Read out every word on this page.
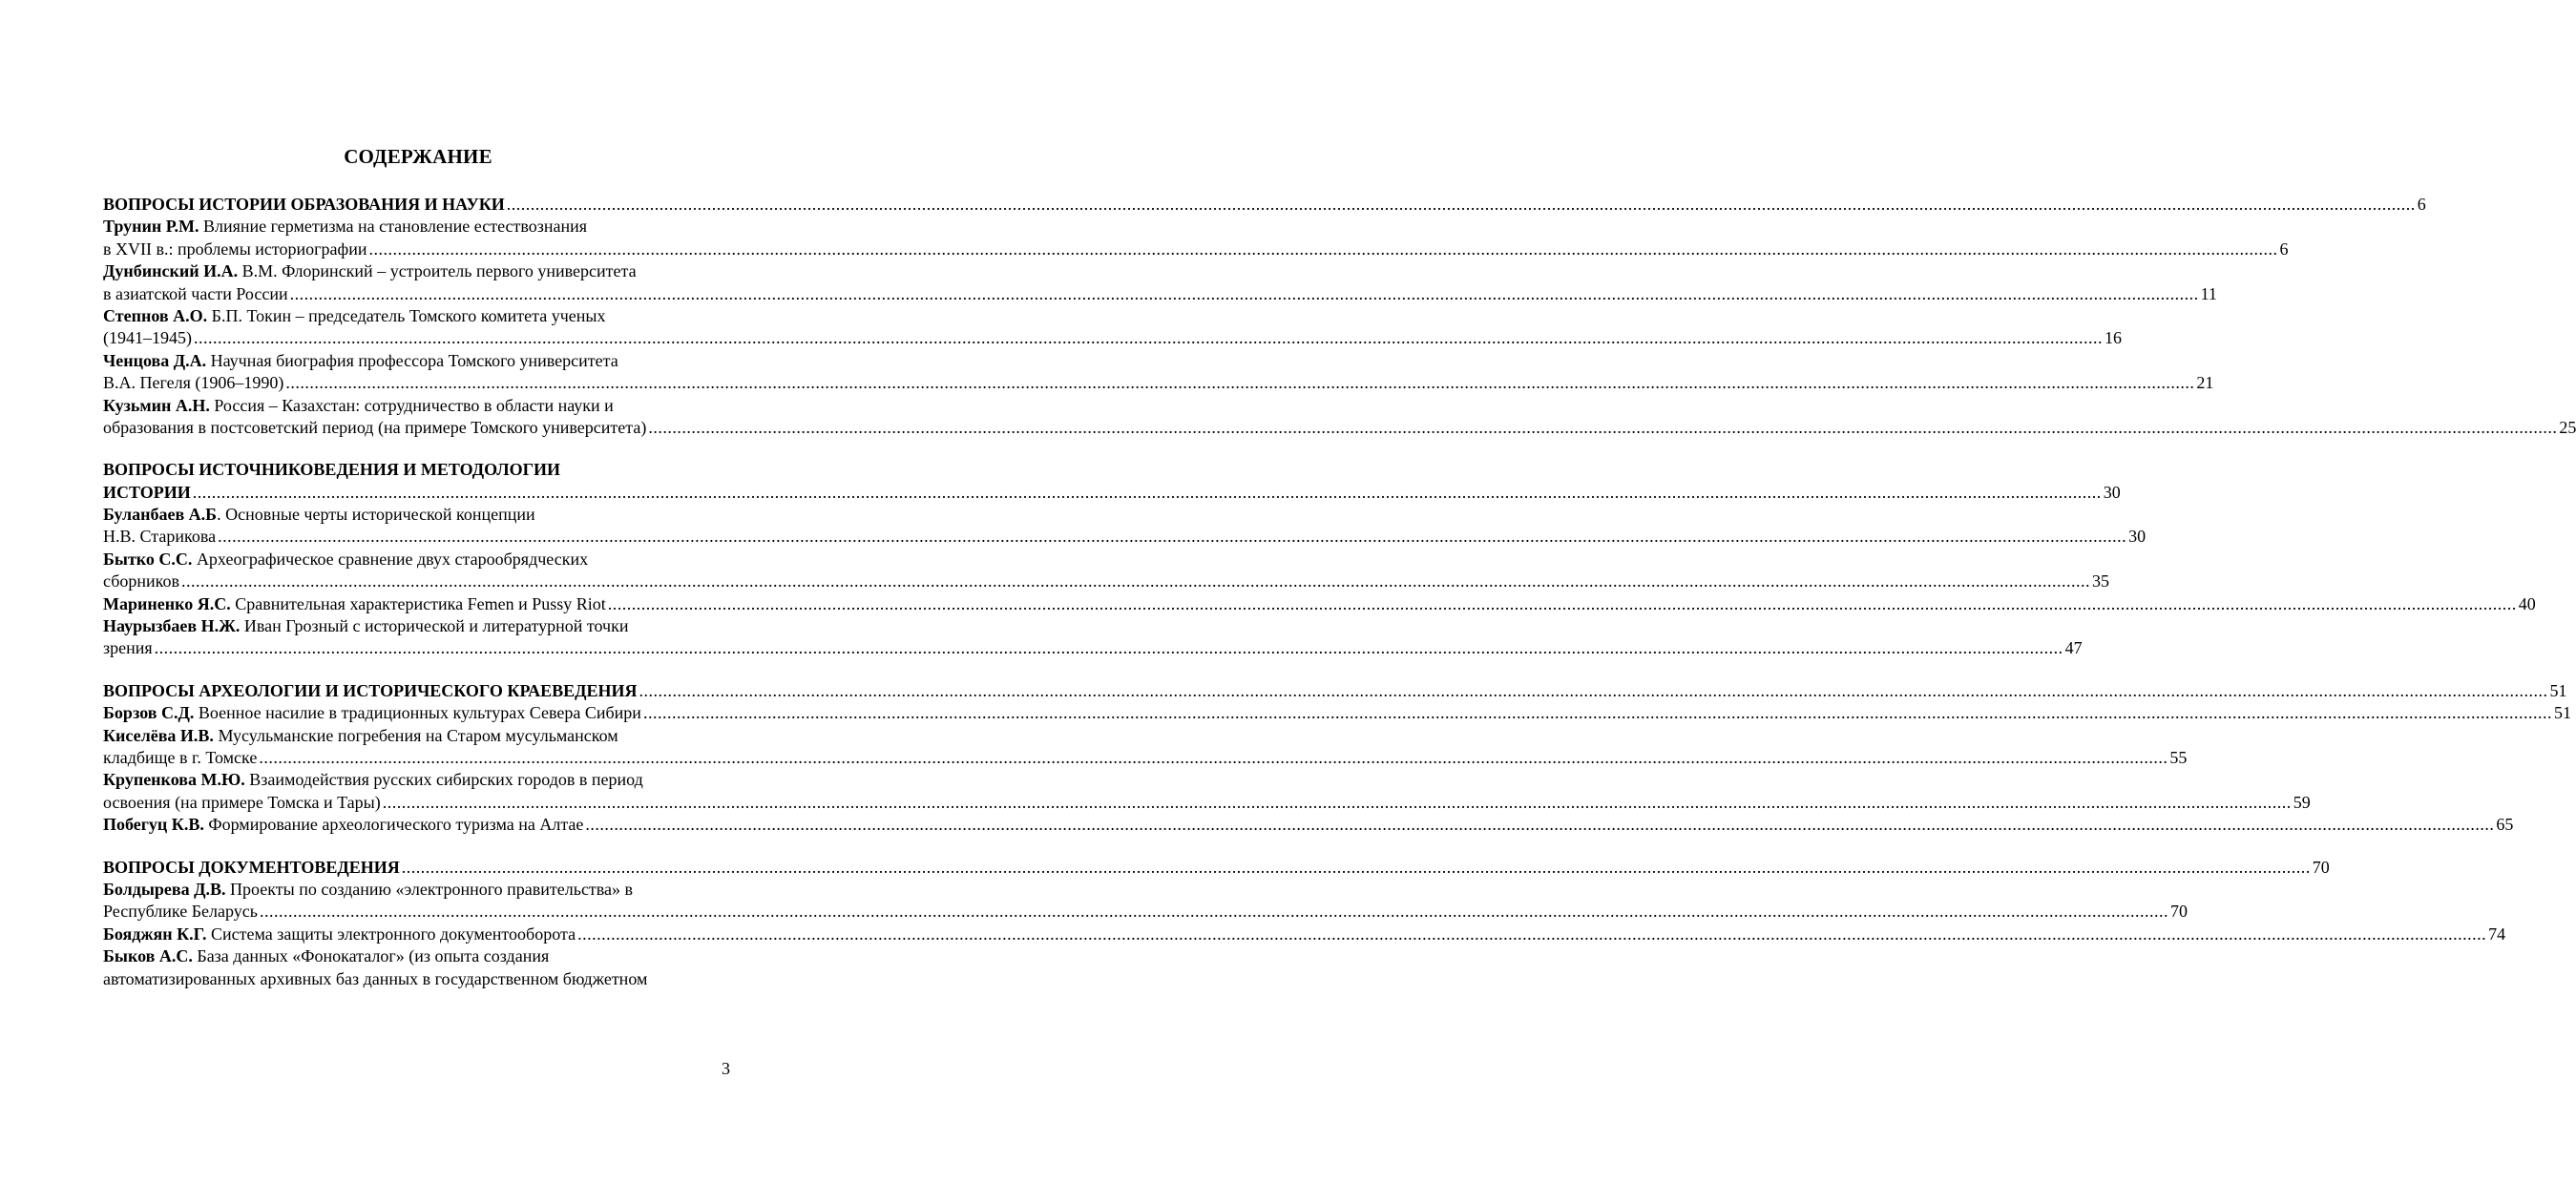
СОДЕРЖАНИЕ
ВОПРОСЫ ИСТОРИИ ОБРАЗОВАНИЯ И НАУКИ ................................................................................................................................................................................................................................................................................................................................................................................................................ 6
Трунин Р.М. Влияние герметизма на становление естествознания
в XVII в.: проблемы историографии ................................................................................................................................................................................................................................................................................................................................................................................................................ 6
Дунбинский И.А. В.М. Флоринский – устроитель первого университета
в азиатской части России ................................................................................................................................................................................................................................................................................................................................................................................................................ 11
Степнов А.О. Б.П. Токин – председатель Томского комитета ученых
(1941–1945) ................................................................................................................................................................................................................................................................................................................................................................................................................ 16
Ченцова Д.А. Научная биография профессора Томского университета
В.А. Пегеля (1906–1990) ................................................................................................................................................................................................................................................................................................................................................................................................................ 21
Кузьмин А.Н. Россия – Казахстан: сотрудничество в области науки и
образования в постсоветский период (на примере Томского университета) ................................................................................................................................................................................................................................................................................................................................................................................................................ 25
ВОПРОСЫ ИСТОЧНИКОВЕДЕНИЯ И МЕТОДОЛОГИИ
ИСТОРИИ ................................................................................................................................................................................................................................................................................................................................................................................................................ 30
Буланбаев А.Б. Основные черты исторической концепции
Н.В. Старикова ................................................................................................................................................................................................................................................................................................................................................................................................................ 30
Бытко С.С. Археографическое сравнение двух старообрядческих
сборников ................................................................................................................................................................................................................................................................................................................................................................................................................ 35
Мариненко Я.С. Сравнительная характеристика Femen и Pussy Riot ................................................................................................................................................................................................................................................................................................................................................................................................................ 40
Наурызбаев Н.Ж. Иван Грозный с исторической и литературной точки
зрения ................................................................................................................................................................................................................................................................................................................................................................................................................ 47
ВОПРОСЫ АРХЕОЛОГИИ И ИСТОРИЧЕСКОГО КРАЕВЕДЕНИЯ ................................................................................................................................................................................................................................................................................................................................................................................................................ 51
Борзов С.Д. Военное насилие в традиционных культурах Севера Сибири ................................................................................................................................................................................................................................................................................................................................................................................................................ 51
Киселёва И.В. Мусульманские погребения на Старом мусульманском
кладбище в г. Томске ................................................................................................................................................................................................................................................................................................................................................................................................................ 55
Крупенкова М.Ю. Взаимодействия русских сибирских городов в период
освоения (на примере Томска и Тары) ................................................................................................................................................................................................................................................................................................................................................................................................................ 59
Побегуц К.В. Формирование археологического туризма на Алтае ................................................................................................................................................................................................................................................................................................................................................................................................................ 65
ВОПРОСЫ ДОКУМЕНТОВЕДЕНИЯ ................................................................................................................................................................................................................................................................................................................................................................................................................ 70
Болдырева Д.В. Проекты по созданию «электронного правительства» в
Республике Беларусь ................................................................................................................................................................................................................................................................................................................................................................................................................ 70
Бояджян К.Г. Система защиты электронного документооборота ................................................................................................................................................................................................................................................................................................................................................................................................................ 74
Быков А.С. База данных «Фонокаталог» (из опыта создания
автоматизированных архивных баз данных в государственном бюджетном
3
